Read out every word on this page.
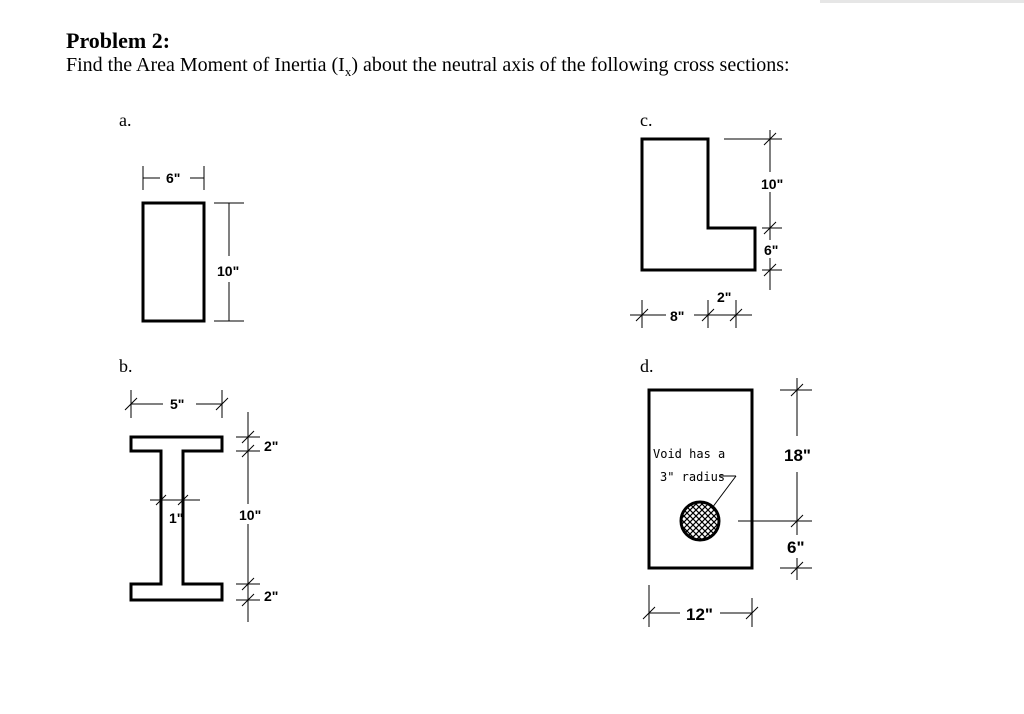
Problem 2:
Find the Area Moment of Inertia $(I_x)$ about the neutral axis of the following cross sections:
a.	c.
b.	d.
6"
10"
5"
1"
2"
10"
2"
10"
6"
8"
2"
Void has a
3" radius
18"
6"
12"
